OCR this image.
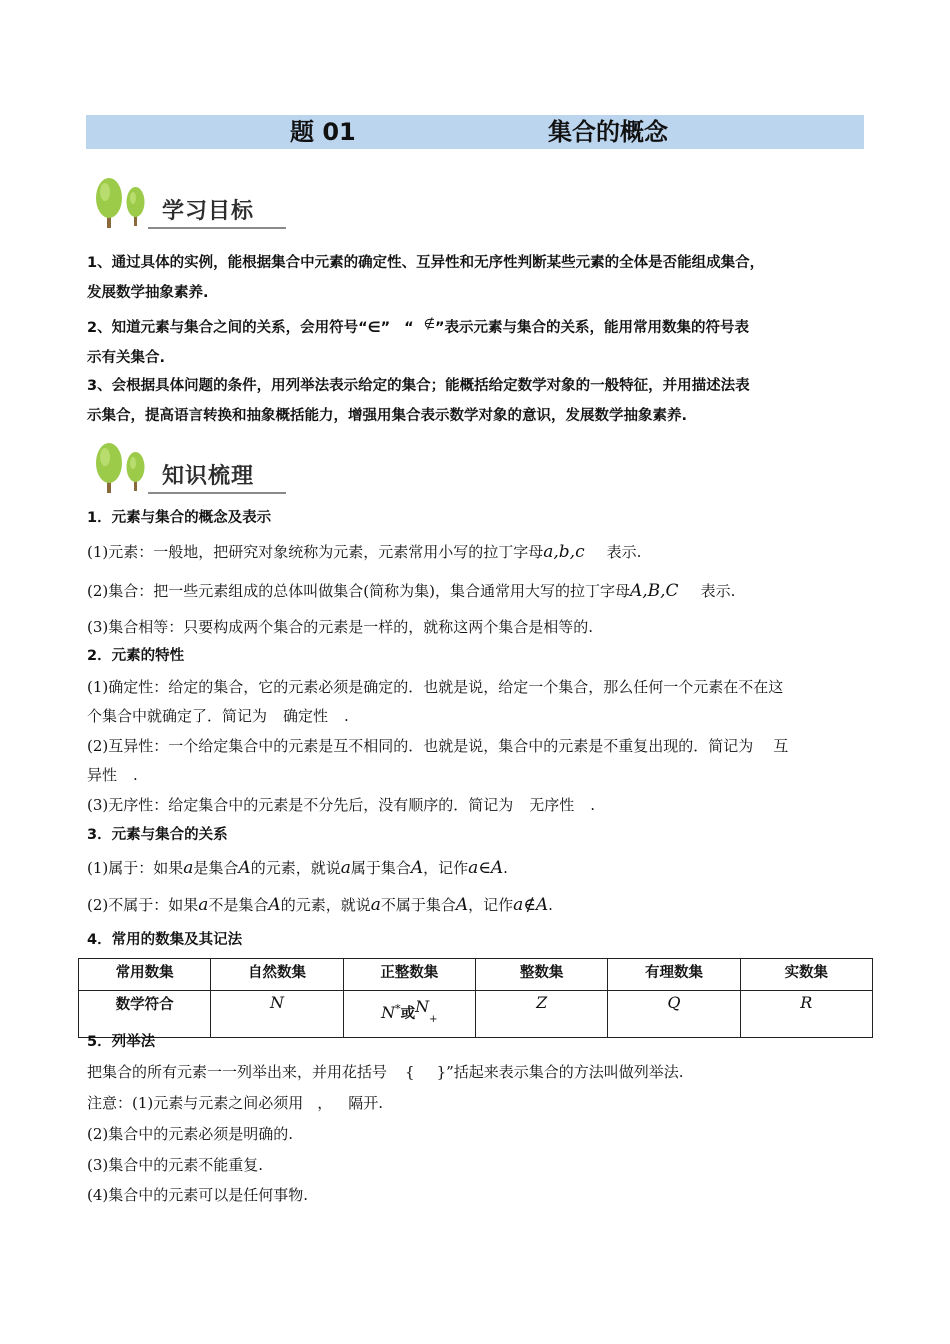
题 01	集合的概念
学习目标
1、通过具体的实例，能根据集合中元素的确定性、互异性和无序性判断某些元素的全体是否能组成集合，
发展数学抽象素养.
2、知道元素与集合之间的关系，会用符号“∈” “ ∉”表示元素与集合的关系，能用常用数集的符号表
示有关集合.
3、会根据具体问题的条件，用列举法表示给定的集合；能概括给定数学对象的一般特征，并用描述法表
示集合，提高语言转换和抽象概括能力，增强用集合表示数学对象的意识，发展数学抽象素养.
知识梳理
1．元素与集合的概念及表示
(1)元素：一般地，把研究对象统称为元素，元素常用小写的拉丁字母a,b,c 表示.
(2)集合：把一些元素组成的总体叫做集合(简称为集)，集合通常用大写的拉丁字母A,B,C 表示.
(3)集合相等：只要构成两个集合的元素是一样的，就称这两个集合是相等的.
2．元素的特性
(1)确定性：给定的集合，它的元素必须是确定的．也就是说，给定一个集合，那么任何一个元素在不在这
个集合中就确定了．简记为 确定性 .
(2)互异性：一个给定集合中的元素是互不相同的．也就是说，集合中的元素是不重复出现的．简记为 互
异性 .
(3)无序性：给定集合中的元素是不分先后，没有顺序的．简记为 无序性 .
3．元素与集合的关系
(1)属于：如果a是集合A的元素，就说a属于集合A，记作a∈A.
(2)不属于：如果a不是集合A的元素，就说a不属于集合A，记作a∉A.
4．常用的数集及其记法
常用数集	自然数集	正整数集	整数集	有理数集	实数集
数学符合	N	N*或$N_+$	Z	Q	R
5．列举法
把集合的所有元素一一列举出来，并用花括号 { }”括起来表示集合的方法叫做列举法.
注意：(1)元素与元素之间必须用 ， 隔开.
(2)集合中的元素必须是明确的.
(3)集合中的元素不能重复.
(4)集合中的元素可以是任何事物.
